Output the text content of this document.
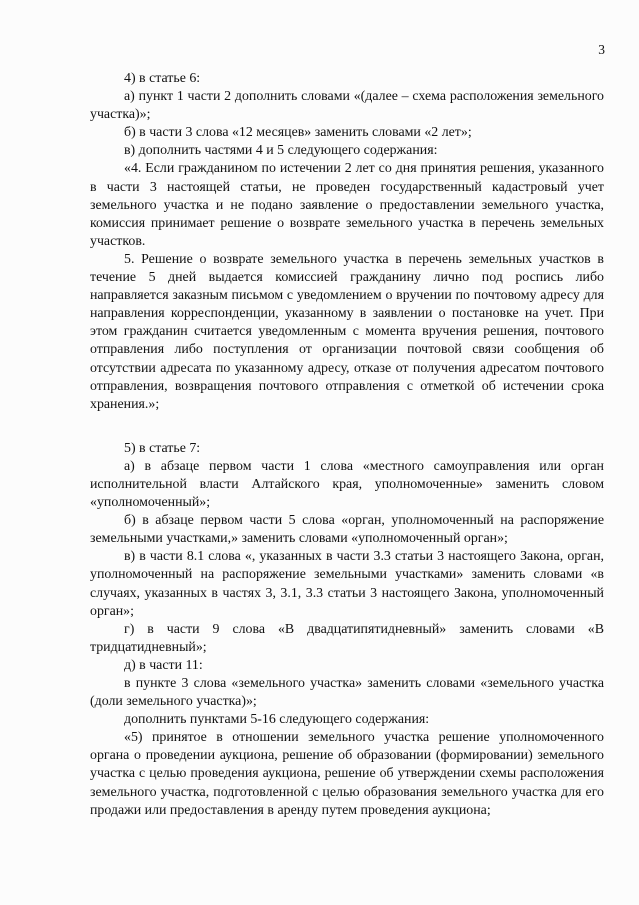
3

4) в статье 6:

а) пункт 1 части 2 дополнить словами «(далее – схема расположения земельного участка)»;

б) в части 3 слова «12 месяцев» заменить словами «2 лет»;

в) дополнить частями 4 и 5 следующего содержания:

«4. Если гражданином по истечении 2 лет со дня принятия решения, указанного в части 3 настоящей статьи, не проведен государственный кадастровый учет земельного участка и не подано заявление о предоставлении земельного участка, комиссия принимает решение о возврате земельного участка в перечень земельных участков.

5. Решение о возврате земельного участка в перечень земельных участков в течение 5 дней выдается комиссией гражданину лично под роспись либо направляется заказным письмом с уведомлением о вручении по почтовому адресу для направления корреспонденции, указанному в заявлении о постановке на учет. При этом гражданин считается уведомленным с момента вручения решения, почтового отправления либо поступления от организации почтовой связи сообщения об отсутствии адресата по указанному адресу, отказе от получения адресатом почтового отправления, возвращения почтового отправления с отметкой об истечении срока хранения.»;

5) в статье 7:

а) в абзаце первом части 1 слова «местного самоуправления или орган исполнительной власти Алтайского края, уполномоченные» заменить словом «уполномоченный»;

б) в абзаце первом части 5 слова «орган, уполномоченный на распоряжение земельными участками,» заменить словами «уполномоченный орган»;

в) в части 8.1 слова «, указанных в части 3.3 статьи 3 настоящего Закона, орган, уполномоченный на распоряжение земельными участками» заменить словами «в случаях, указанных в частях 3, 3.1, 3.3 статьи 3 настоящего Закона, уполномоченный орган»;

г) в части 9 слова «В двадцатипятидневный» заменить словами «В тридцатидневный»;

д) в части 11:

в пункте 3 слова «земельного участка» заменить словами «земельного участка (доли земельного участка)»;

дополнить пунктами 5-16 следующего содержания:

«5) принятое в отношении земельного участка решение уполномоченного органа о проведении аукциона, решение об образовании (формировании) земельного участка с целью проведения аукциона, решение об утверждении схемы расположения земельного участка, подготовленной с целью образования земельного участка для его продажи или предоставления в аренду путем проведения аукциона;
